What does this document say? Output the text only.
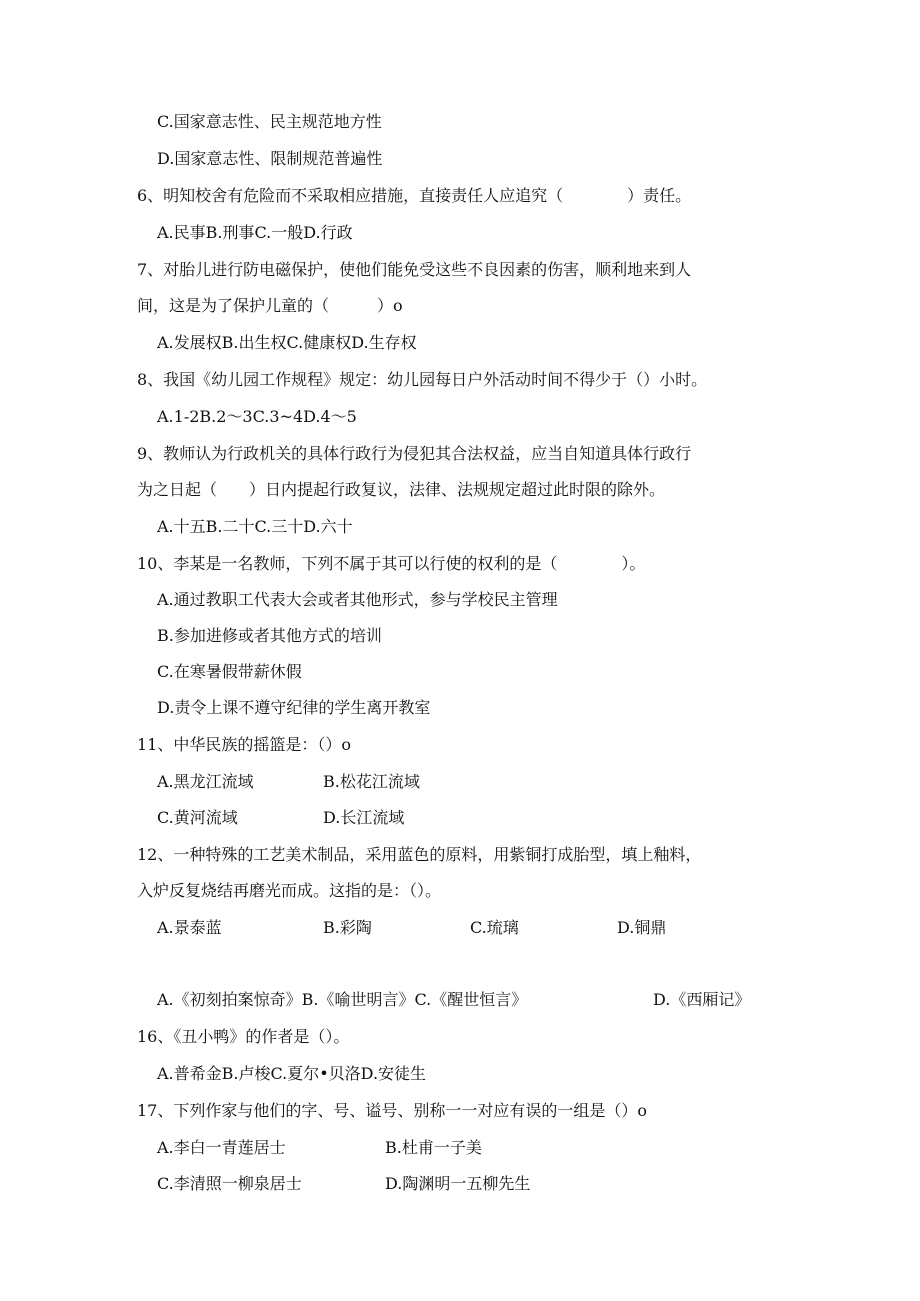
C.国家意志性、民主规范地方性
D.国家意志性、限制规范普遍性
6、明知校舍有危险而不采取相应措施，直接责任人应追究（　　　　）责任。
A.民事B.刑事C.一般D.行政
7、对胎儿进行防电磁保护，使他们能免受这些不良因素的伤害，顺利地来到人
间，这是为了保护儿童的（　　　）o
A.发展权B.出生权C.健康权D.生存权
8、我国《幼儿园工作规程》规定：幼儿园每日户外活动时间不得少于（）小时。
A.1-2B.2～3C.3~4D.4～5
9、教师认为行政机关的具体行政行为侵犯其合法权益，应当自知道具体行政行
为之日起（　　）日内提起行政复议，法律、法规规定超过此时限的除外。
A.十五B.二十C.三十D.六十
10、李某是一名教师，下列不属于其可以行使的权利的是（　　　　）。
A.通过教职工代表大会或者其他形式，参与学校民主管理
B.参加进修或者其他方式的培训
C.在寒暑假带薪休假
D.责令上课不遵守纪律的学生离开教室
11、中华民族的摇篮是：（）o
A.黑龙江流域	B.松花江流域
C.黄河流域	D.长江流域
12、一种特殊的工艺美术制品，采用蓝色的原料，用紫铜打成胎型，填上釉料，
入炉反复烧结再磨光而成。这指的是：（）。
A.景泰蓝	B.彩陶	C.琉璃	D.铜鼎
A.《初刻拍案惊奇》B.《喻世明言》C.《醒世恒言》	D.《西厢记》
16、《丑小鸭》的作者是（）。
A.普希金B.卢梭C.夏尔•贝洛D.安徒生
17、下列作家与他们的字、号、谥号、别称一一对应有误的一组是（）o
A.李白一青莲居士	B.杜甫一子美
C.李清照一柳泉居士	D.陶渊明一五柳先生
